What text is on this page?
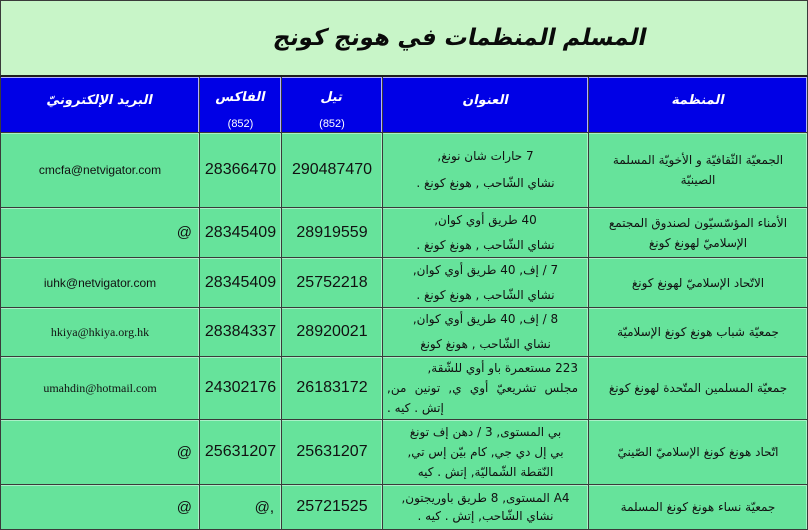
المسلم المنظمات في هونج كونج
المنظمة
العنوان
تيل
(852)
الفاكس
(852)
البريد الإلكترونيّ
الجمعيّة الثّقافيّة و الأخويّة المسلمة
الصينيّة
7 حارات شان نونغ,
نشاي الشّاحب , هونغ كونغ .
290487470
28366470
cmcfa@netvigator.com
الأمناء المؤسّسيّون لصندوق المجتمع
الإسلاميّ لهونغ كونغ
40 طريق أوي كوان,
نشاي الشّاحب , هونغ كونغ .
28919559
28345409
@
الاتّحاد الإسلاميّ لهونغ كونغ
7 / إف, 40 طريق أوي كوان,
نشاي الشّاحب , هونغ كونغ .
25752218
28345409
iuhk@netvigator.com
جمعيّة شباب هونغ كونغ الإسلاميّة
8 / إف, 40 طريق أوي كوان,
نشاي الشّاحب , هونغ كونغ
28920021
28384337
hkiya@hkiya.org.hk
جمعيّة المسلمين المتّحدة لهونغ كونغ
223 مستعمرة باو أوي للشّقة,
مجلس تشريعيّ أوي ي, تونين من,
إتش . كيه .
26183172
24302176
umahdin@hotmail.com
اتّحاد هونغ كونغ الإسلاميّ الصّينيّ
بي المستوى, 3 / دهن إف تونغ
بي إل دي جي, كام بيّن إس تي,
النّقطة الشّماليّة, إتش . كيه
25631207
25631207
@
جمعيّة نساء هونغ كونغ المسلمة
A4 المستوى, 8 طريق باوريجتون,
نشاي الشّاحب, إتش . كيه .
25721525
@,
@
